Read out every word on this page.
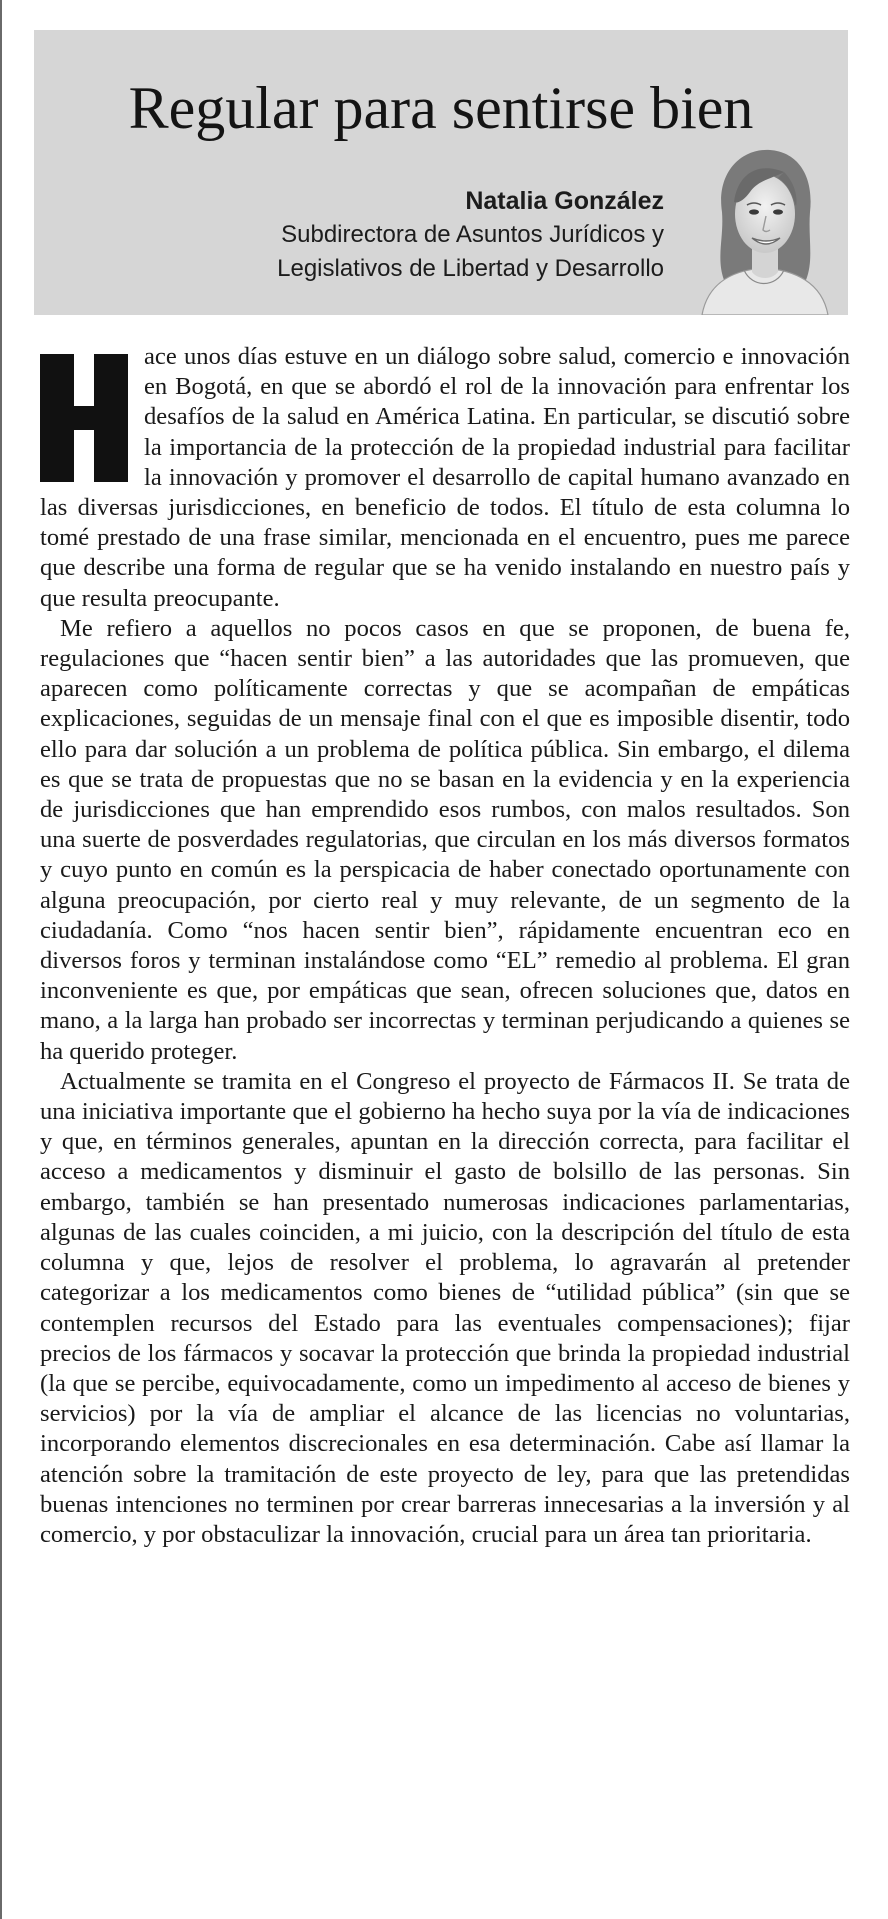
Regular para sentirse bien
Natalia González
Subdirectora de Asuntos Jurídicos y
Legislativos de Libertad y Desarrollo

ace unos días estuve en un diálogo sobre salud, comercio e innovación en Bogotá, en que se abordó el rol de la innovación para enfrentar los desafíos de la salud en América Latina. En particular, se discutió sobre la importancia de la protección de la propiedad industrial para facilitar la innovación y promover el desarrollo de capital humano avanzado en las diversas jurisdicciones, en beneficio de todos. El título de esta columna lo tomé prestado de una frase similar, mencionada en el encuentro, pues me parece que describe una forma de regular que se ha venido instalando en nuestro país y que resulta preocupante.

Me refiero a aquellos no pocos casos en que se proponen, de buena fe, regulaciones que “hacen sentir bien” a las autoridades que las promueven, que aparecen como políticamente correctas y que se acompañan de empáticas explicaciones, seguidas de un mensaje final con el que es imposible disentir, todo ello para dar solución a un problema de política pública. Sin embargo, el dilema es que se trata de propuestas que no se basan en la evidencia y en la experiencia de jurisdicciones que han emprendido esos rumbos, con malos resultados. Son una suerte de posverdades regulatorias, que circulan en los más diversos formatos y cuyo punto en común es la perspicacia de haber conectado oportunamente con alguna preocupación, por cierto real y muy relevante, de un segmento de la ciudadanía. Como “nos hacen sentir bien”, rápidamente encuentran eco en diversos foros y terminan instalándose como “EL” remedio al problema. El gran inconveniente es que, por empáticas que sean, ofrecen soluciones que, datos en mano, a la larga han probado ser incorrectas y terminan perjudicando a quienes se ha querido proteger.

Actualmente se tramita en el Congreso el proyecto de Fármacos II. Se trata de una iniciativa importante que el gobierno ha hecho suya por la vía de indicaciones y que, en términos generales, apuntan en la dirección correcta, para facilitar el acceso a medicamentos y disminuir el gasto de bolsillo de las personas. Sin embargo, también se han presentado numerosas indicaciones parlamentarias, algunas de las cuales coinciden, a mi juicio, con la descripción del título de esta columna y que, lejos de resolver el problema, lo agravarán al pretender categorizar a los medicamentos como bienes de “utilidad pública” (sin que se contemplen recursos del Estado para las eventuales compensaciones); fijar precios de los fármacos y socavar la protección que brinda la propiedad industrial (la que se percibe, equivocadamente, como un impedimento al acceso de bienes y servicios) por la vía de ampliar el alcance de las licencias no voluntarias, incorporando elementos discrecionales en esa determinación. Cabe así llamar la atención sobre la tramitación de este proyecto de ley, para que las pretendidas buenas intenciones no terminen por crear barreras innecesarias a la inversión y al comercio, y por obstaculizar la innovación, crucial para un área tan prioritaria.
